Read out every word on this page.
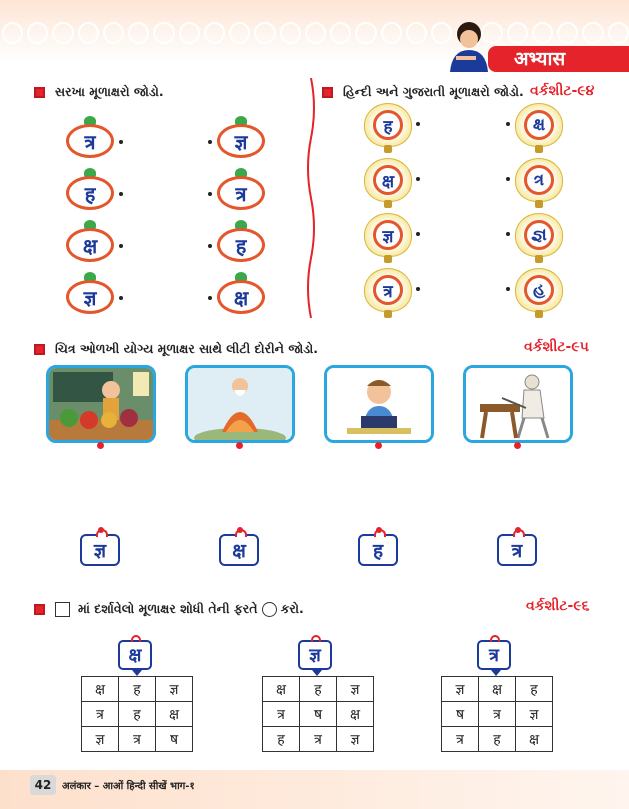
अभ्यास
સરખા મૂળાક્ષરો જોડો.
त्र
ह
क्ष
ज्ञ
ज्ञ
त्र
ह
क्ष
હિન્દી અને ગુજરાતી મૂળાક્ષરો જોડો. વર્કશીટ-૯૪
ह
क्ष
ज्ञ
त्र
ક્ષ
ત્ર
જ્ઞ
હ
ચિત્ર ઓળખી યોગ્ય મૂળાક્ષર સાથે લીટી દોરીને જોડો.	વર્કશીટ-૯૫
ज्ञ	क्ष	ह	त्र
માં દર્શાવેલો મૂળાક્ષર શોધી તેની ફરતે કરો.	વર્કશીટ-૯૬
क्ष
क्ष	ह	ज्ञ
त्र	ह	क्ष
ज्ञ	त्र	ष
ज्ञ
क्ष	ह	ज्ञ
त्र	ष	क्ष
ह	त्र	ज्ञ
त्र
ज्ञ	क्ष	ह
ष	त्र	ज्ञ
त्र	ह	क्ष
42	अलंकार – आओं हिन्दी सीखें भाग-१
